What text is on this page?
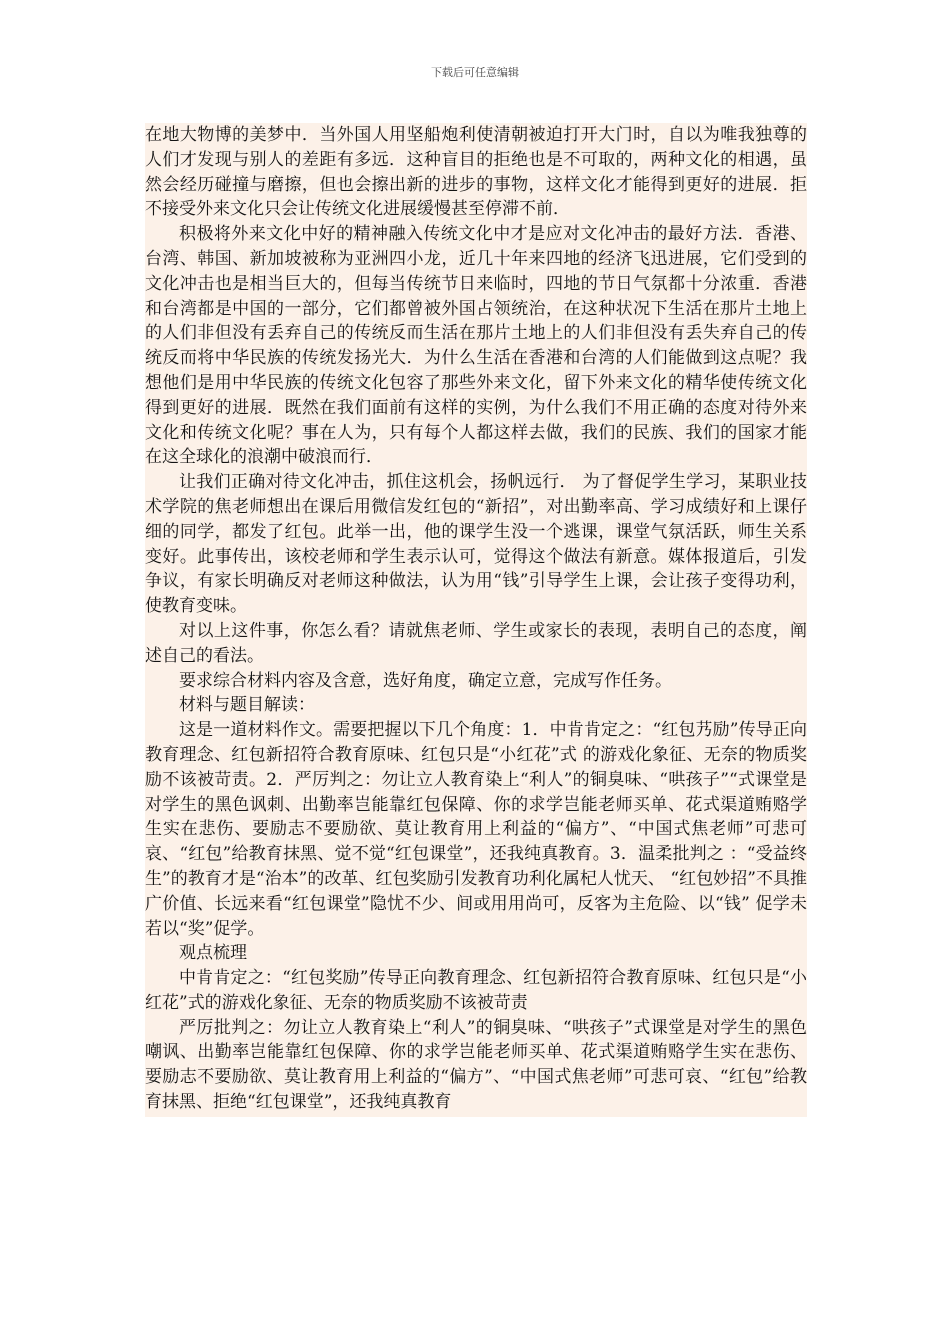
下载后可任意编辑

在地大物博的美梦中．当外国人用坚船炮利使清朝被迫打开大门时，自以为唯我独尊的人们才发现与别人的差距有多远．这种盲目的拒绝也是不可取的，两种文化的相遇，虽然会经历碰撞与磨擦，但也会擦出新的进步的事物，这样文化才能得到更好的进展．拒不接受外来文化只会让传统文化进展缓慢甚至停滞不前．

积极将外来文化中好的精神融入传统文化中才是应对文化冲击的最好方法．香港、台湾、韩国、新加坡被称为亚洲四小龙，近几十年来四地的经济飞迅进展，它们受到的文化冲击也是相当巨大的，但每当传统节日来临时，四地的节日气氛都十分浓重．香港和台湾都是中国的一部分，它们都曾被外国占领统治，在这种状况下生活在那片土地上的人们非但没有丢弃自己的传统反而生活在那片土地上的人们非但没有丢失弃自己的传统反而将中华民族的传统发扬光大．为什么生活在香港和台湾的人们能做到这点呢？我想他们是用中华民族的传统文化包容了那些外来文化，留下外来文化的精华使传统文化得到更好的进展．既然在我们面前有这样的实例，为什么我们不用正确的态度对待外来文化和传统文化呢？事在人为，只有每个人都这样去做，我们的民族、我们的国家才能在这全球化的浪潮中破浪而行．

让我们正确对待文化冲击，抓住这机会，扬帆远行． 为了督促学生学习，某职业技术学院的焦老师想出在课后用微信发红包的“新招”，对出勤率高、学习成绩好和上课仔细的同学，都发了红包。此举一出，他的课学生没一个逃课，课堂气氛活跃，师生关系变好。此事传出，该校老师和学生表示认可，觉得这个做法有新意。媒体报道后，引发争议，有家长明确反对老师这种做法，认为用“钱”引导学生上课，会让孩子变得功利，使教育变味。

对以上这件事，你怎么看？请就焦老师、学生或家长的表现，表明自己的态度，阐述自己的看法。

要求综合材料内容及含意，选好角度，确定立意，完成写作任务。

材料与题目解读：

这是一道材料作文。需要把握以下几个角度：1．中肯肯定之：“红包艿励”传导正向教育理念、红包新招符合教育原味、红包只是“小红花”式 的游戏化象征、无奈的物质奖励不该被苛责。2．严厉判之：勿让立人教育染上“利人”的铜臭味、“哄孩子”“式课堂是对学生的黑色讽刺、出勤率岂能靠红包保障、你的求学岂能老师买单、花式渠道贿赂学生实在悲伤、要励志不要励欲、莫让教育用上利益的“偏方”、“中国式焦老师”可悲可哀、“红包”给教育抹黑、觉不觉“红包课堂”，还我纯真教育。3．温柔批判之 ：“受益终生”的教育才是“治本”的改革、红包奖励引发教育功利化属杞人忧天、 “红包妙招”不具推广价值、长远来看“红包课堂”隐忧不少、间或用用尚可，反客为主危险、以“钱” 促学未若以“奖”促学。

观点梳理

中肯肯定之：“红包奖励”传导正向教育理念、红包新招符合教育原味、红包只是“小红花”式的游戏化象征、无奈的物质奖励不该被苛责

严厉批判之：勿让立人教育染上“利人”的铜臭味、“哄孩子”式课堂是对学生的黑色嘲讽、出勤率岂能靠红包保障、你的求学岂能老师买单、花式渠道贿赂学生实在悲伤、要励志不要励欲、莫让教育用上利益的“偏方”、“中国式焦老师”可悲可哀、“红包”给教育抹黑、拒绝“红包课堂”，还我纯真教育
